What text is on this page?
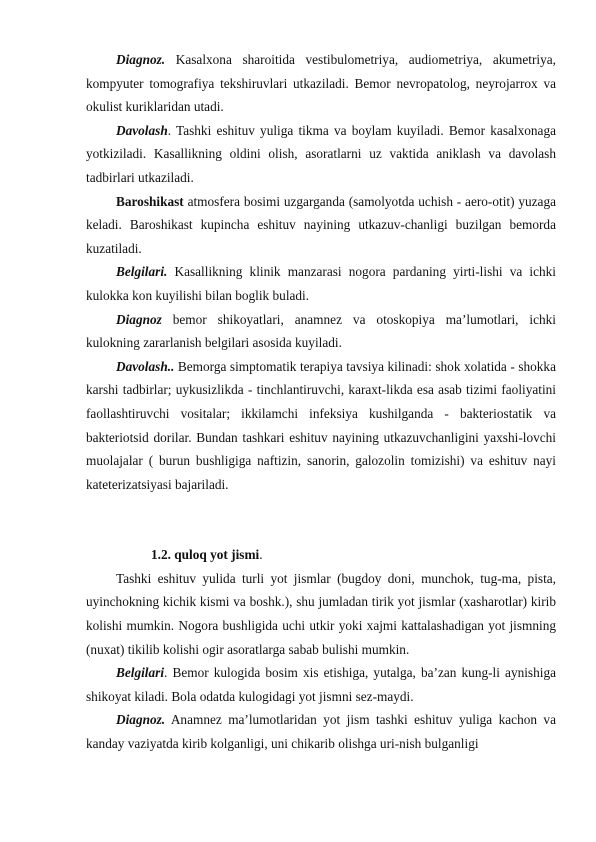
Diagnoz. Kasalxona sharoitida vestibulometriya, audiometriya, akumetriya, kompyuter tomografiya tekshiruvlari utkaziladi. Bemor nevropatolog, neyrojarrox va okulist kuriklaridan utadi.

Davolash. Tashki eshituv yuliga tikma va boylam kuyiladi. Bemor kasalxonaga yotkiziladi. Kasallikning oldini olish, asoratlarni uz vaktida aniklash va davolash tadbirlari utkaziladi.

Baroshikast atmosfera bosimi uzgarganda (samolyotda uchish - aero-otit) yuzaga keladi. Baroshikast kupincha eshituv nayining utkazuv-chanligi buzilgan bemorda kuzatiladi.

Belgilari. Kasallikning klinik manzarasi nogora pardaning yirti-lishi va ichki kulokka kon kuyilishi bilan boglik buladi.

Diagnoz bemor shikoyatlari, anamnez va otoskopiya ma’lumotlari, ichki kulokning zararlanish belgilari asosida kuyiladi.

Davolash.. Bemorga simptomatik terapiya tavsiya kilinadi: shok xolatida - shokka karshi tadbirlar; uykusizlikda - tinchlantiruvchi, karaxt-likda esa asab tizimi faoliyatini faollashtiruvchi vositalar; ikkilamchi infeksiya kushilganda - bakteriostatik va bakteriotsid dorilar. Bundan tashkari eshituv nayining utkazuvchanligini yaxshi-lovchi muolajalar ( burun bushligiga naftizin, sanorin, galozolin tomizishi) va eshituv nayi kateterizatsiyasi bajariladi.

1.2. quloq yot jismi.

Tashki eshituv yulida turli yot jismlar (bugdoy doni, munchok, tug-ma, pista, uyinchokning kichik kismi va boshk.), shu jumladan tirik yot jismlar (xasharotlar) kirib kolishi mumkin. Nogora bushligida uchi utkir yoki xajmi kattalashadigan yot jismning (nuxat) tikilib kolishi ogir asoratlarga sabab bulishi mumkin.

Belgilari. Bemor kulogida bosim xis etishiga, yutalga, ba’zan kung-li aynishiga shikoyat kiladi. Bola odatda kulogidagi yot jismni sez-maydi.

Diagnoz. Anamnez ma’lumotlaridan yot jism tashki eshituv yuliga kachon va kanday vaziyatda kirib kolganligi, uni chikarib olishga uri-nish bulganligi
